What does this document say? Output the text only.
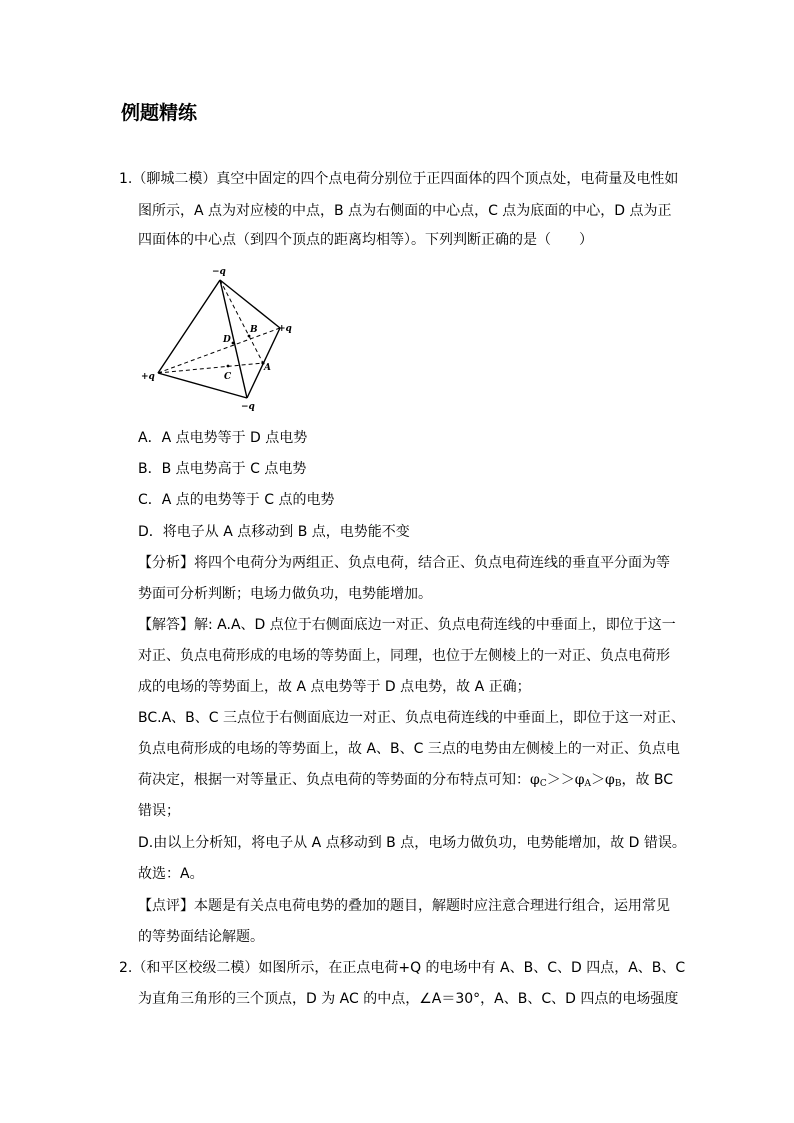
例题精练
1.（聊城二模）真空中固定的四个点电荷分别位于正四面体的四个顶点处，电荷量及电性如
图所示，A 点为对应棱的中点，B 点为右侧面的中心点，C 点为底面的中心，D 点为正
四面体的中心点（到四个顶点的距离均相等）。下列判断正确的是（　　）
−q
+q
+q
−q
A
B
C
D
A．A 点电势等于 D 点电势
B．B 点电势高于 C 点电势
C．A 点的电势等于 C 点的电势
D．将电子从 A 点移动到 B 点，电势能不变
【分析】将四个电荷分为两组正、负点电荷，结合正、负点电荷连线的垂直平分面为等
势面可分析判断；电场力做负功，电势能增加。
【解答】解: A.A、D 点位于右侧面底边一对正、负点电荷连线的中垂面上，即位于这一
对正、负点电荷形成的电场的等势面上，同理，也位于左侧棱上的一对正、负点电荷形
成的电场的等势面上，故 A 点电势等于 D 点电势，故 A 正确；
BC.A、B、C 三点位于右侧面底边一对正、负点电荷连线的中垂面上，即位于这一对正、
负点电荷形成的电场的等势面上，故 A、B、C 三点的电势由左侧棱上的一对正、负点电
荷决定，根据一对等量正、负点电荷的等势面的分布特点可知：$\varphi_C>>\varphi_A>\varphi_B$，故 BC
错误；
D.由以上分析知，将电子从 A 点移动到 B 点，电场力做负功，电势能增加，故 D 错误。
故选：A。
【点评】本题是有关点电荷电势的叠加的题目，解题时应注意合理进行组合，运用常见
的等势面结论解题。
2.（和平区校级二模）如图所示，在正点电荷+Q 的电场中有 A、B、C、D 四点，A、B、C
为直角三角形的三个顶点，D 为 AC 的中点，∠A＝30°，A、B、C、D 四点的电场强度
